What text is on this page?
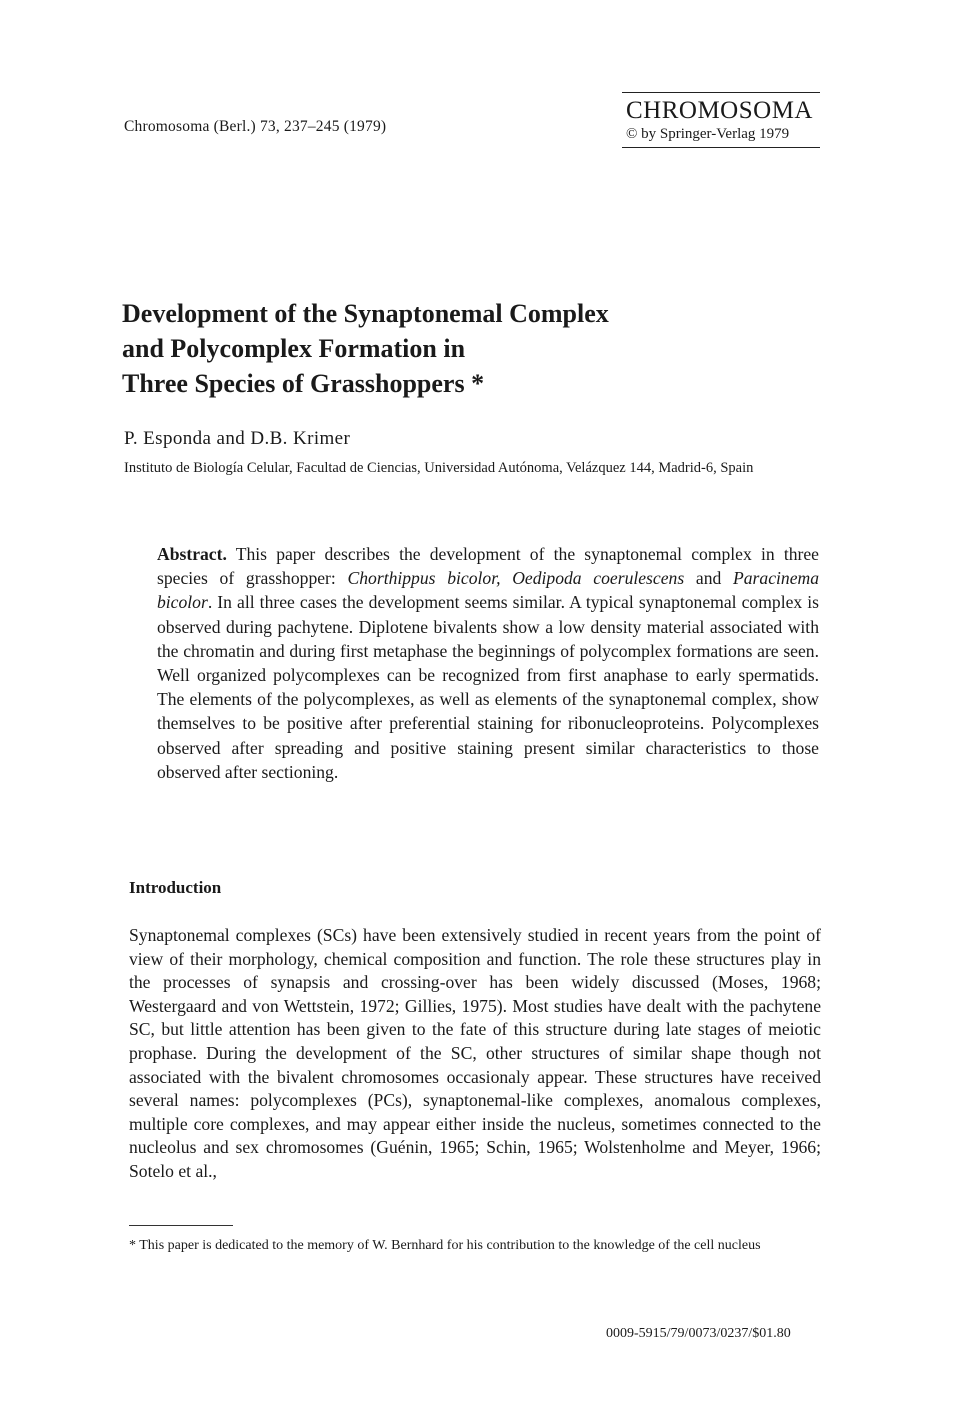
Chromosoma (Berl.) 73, 237–245 (1979)
CHROMOSOMA
© by Springer-Verlag 1979
Development of the Synaptonemal Complex
and Polycomplex Formation in
Three Species of Grasshoppers *
P. Esponda and D.B. Krimer
Instituto de Biología Celular, Facultad de Ciencias, Universidad Autónoma, Velázquez 144, Madrid-6, Spain
Abstract. This paper describes the development of the synaptonemal complex in three species of grasshopper: Chorthippus bicolor, Oedipoda coerulescens and Paracinema bicolor. In all three cases the development seems similar. A typical synaptonemal complex is observed during pachytene. Diplotene bivalents show a low density material associated with the chromatin and during first metaphase the beginnings of polycomplex formations are seen. Well organized polycomplexes can be recognized from first anaphase to early spermatids. The elements of the polycomplexes, as well as elements of the synaptonemal complex, show themselves to be positive after preferential staining for ribonucleoproteins. Polycomplexes observed after spreading and positive staining present similar characteristics to those observed after sectioning.
Introduction
Synaptonemal complexes (SCs) have been extensively studied in recent years from the point of view of their morphology, chemical composition and function. The role these structures play in the processes of synapsis and crossing-over has been widely discussed (Moses, 1968; Westergaard and von Wettstein, 1972; Gillies, 1975). Most studies have dealt with the pachytene SC, but little attention has been given to the fate of this structure during late stages of meiotic prophase. During the development of the SC, other structures of similar shape though not associated with the bivalent chromosomes occasionaly appear. These structures have received several names: polycomplexes (PCs), synaptonemal-like complexes, anomalous complexes, multiple core complexes, and may appear either inside the nucleus, sometimes connected to the nucleolus and sex chromosomes (Guénin, 1965; Schin, 1965; Wolstenholme and Meyer, 1966; Sotelo et al.,
* This paper is dedicated to the memory of W. Bernhard for his contribution to the knowledge of the cell nucleus
0009-5915/79/0073/0237/$01.80
